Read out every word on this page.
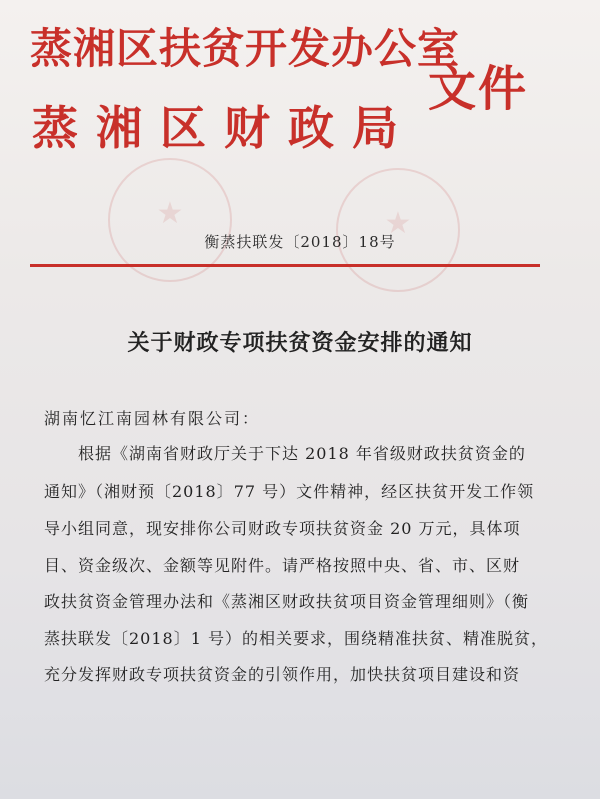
蒸湘区扶贫开发办公室
蒸湘区财政局
文件
★
★
衡蒸扶联发〔2018〕18号
关于财政专项扶贫资金安排的通知
湖南忆江南园林有限公司：
根据《湖南省财政厅关于下达 2018 年省级财政扶贫资金的
通知》（湘财预〔2018〕77 号）文件精神，经区扶贫开发工作领
导小组同意，现安排你公司财政专项扶贫资金 20 万元，具体项
目、资金级次、金额等见附件。请严格按照中央、省、市、区财
政扶贫资金管理办法和《蒸湘区财政扶贫项目资金管理细则》（衡
蒸扶联发〔2018〕1 号）的相关要求，围绕精准扶贫、精准脱贫，
充分发挥财政专项扶贫资金的引领作用，加快扶贫项目建设和资
